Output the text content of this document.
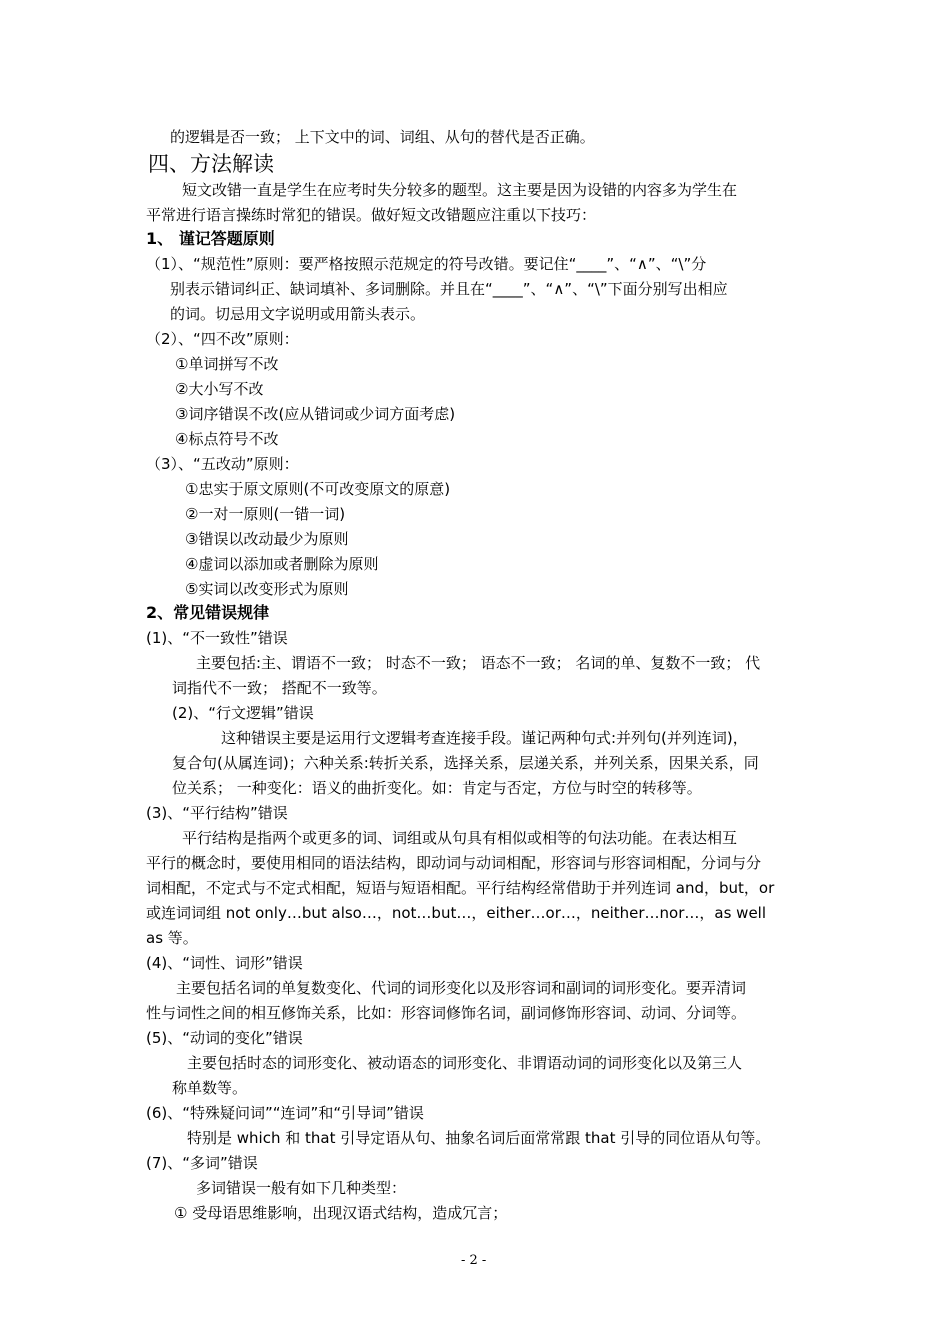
的逻辑是否一致； 上下文中的词、词组、从句的替代是否正确。
四、方法解读
短文改错一直是学生在应考时失分较多的题型。这主要是因为设错的内容多为学生在
平常进行语言操练时常犯的错误。做好短文改错题应注重以下技巧：
1、 谨记答题原则
（1）、“规范性”原则：要严格按照示范规定的符号改错。要记住“____”、“∧”、“\”分
别表示错词纠正、缺词填补、多词删除。并且在“____”、“∧”、“\”下面分别写出相应
的词。切忌用文字说明或用箭头表示。
（2）、“四不改”原则：
①单词拼写不改
②大小写不改
③词序错误不改(应从错词或少词方面考虑)
④标点符号不改
（3）、“五改动”原则：
①忠实于原文原则(不可改变原文的原意)
②一对一原则(一错一词)
③错误以改动最少为原则
④虚词以添加或者删除为原则
⑤实词以改变形式为原则
2、常见错误规律
(1)、“不一致性”错误
主要包括:主、谓语不一致； 时态不一致； 语态不一致； 名词的单、复数不一致； 代
词指代不一致； 搭配不一致等。
(2)、“行文逻辑”错误
这种错误主要是运用行文逻辑考查连接手段。谨记两种句式:并列句(并列连词)，
复合句(从属连词)；六种关系:转折关系，选择关系，层递关系，并列关系，因果关系，同
位关系； 一种变化：语义的曲折变化。如：肯定与否定，方位与时空的转移等。
(3)、“平行结构”错误
平行结构是指两个或更多的词、词组或从句具有相似或相等的句法功能。在表达相互
平行的概念时，要使用相同的语法结构，即动词与动词相配，形容词与形容词相配，分词与分
词相配，不定式与不定式相配，短语与短语相配。平行结构经常借助于并列连词 and，but，or
或连词词组 not only…but also…，not…but…，either…or…，neither…nor…，as well
as 等。
(4)、“词性、词形”错误
主要包括名词的单复数变化、代词的词形变化以及形容词和副词的词形变化。要弄清词
性与词性之间的相互修饰关系，比如：形容词修饰名词，副词修饰形容词、动词、分词等。
(5)、“动词的变化”错误
主要包括时态的词形变化、被动语态的词形变化、非谓语动词的词形变化以及第三人
称单数等。
(6)、“特殊疑问词”“连词”和“引导词”错误
特别是 which 和 that 引导定语从句、抽象名词后面常常跟 that 引导的同位语从句等。
(7)、“多词”错误
多词错误一般有如下几种类型：
① 受母语思维影响，出现汉语式结构，造成冗言；
- 2 -
